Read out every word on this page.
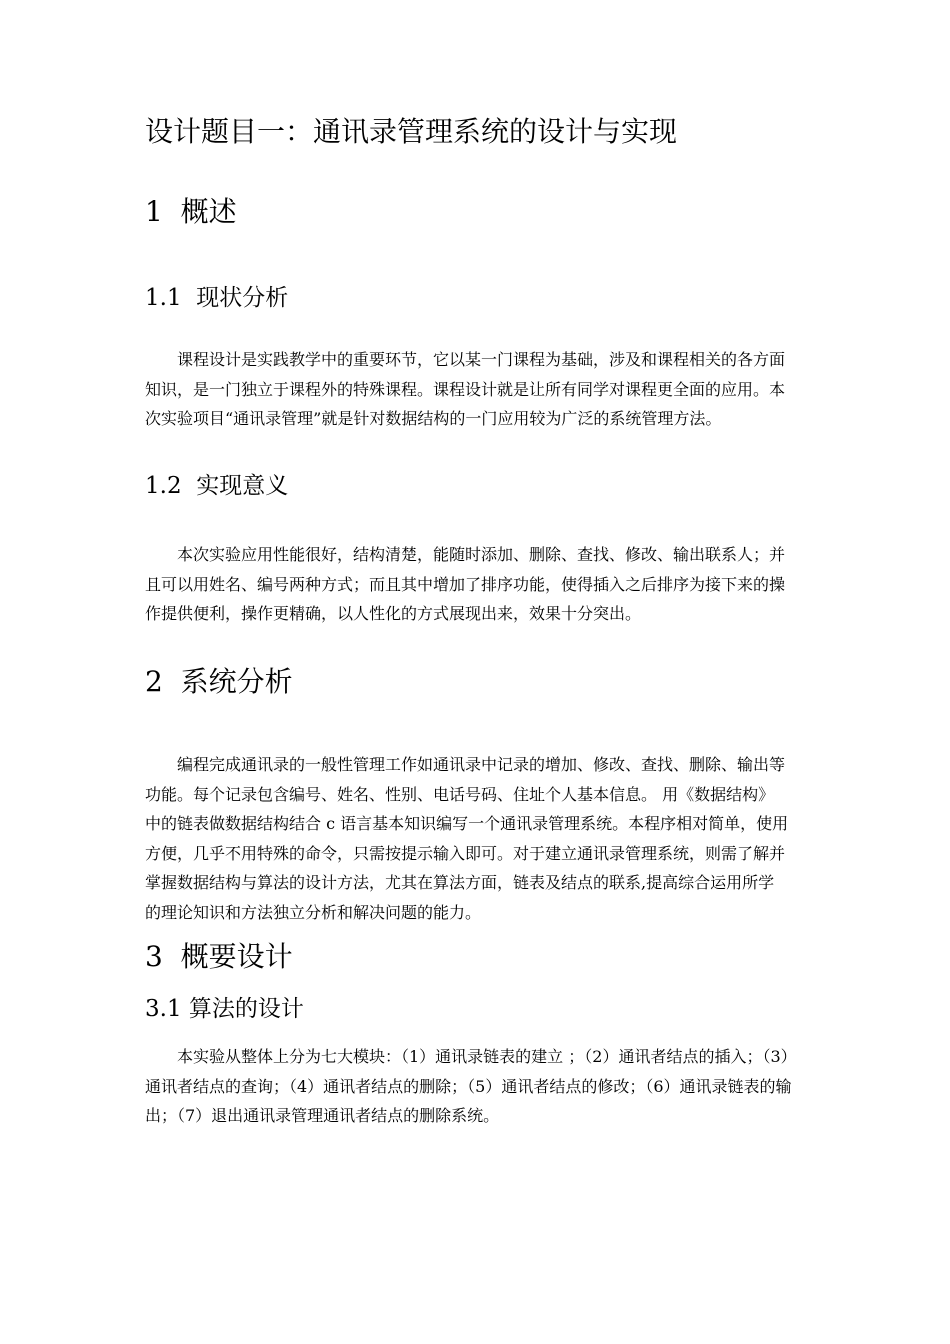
设计题目一：通讯录管理系统的设计与实现
1  概述
1.1  现状分析
课程设计是实践教学中的重要环节，它以某一门课程为基础，涉及和课程相关的各方面
知识，是一门独立于课程外的特殊课程。课程设计就是让所有同学对课程更全面的应用。本
次实验项目“通讯录管理”就是针对数据结构的一门应用较为广泛的系统管理方法。
1.2  实现意义
本次实验应用性能很好，结构清楚，能随时添加、删除、查找、修改、输出联系人；并
且可以用姓名、编号两种方式；而且其中增加了排序功能，使得插入之后排序为接下来的操
作提供便利，操作更精确，以人性化的方式展现出来，效果十分突出。
2  系统分析
编程完成通讯录的一般性管理工作如通讯录中记录的增加、修改、查找、删除、输出等
功能。每个记录包含编号、姓名、性别、电话号码、住址个人基本信息。 用《数据结构》
中的链表做数据结构结合 c 语言基本知识编写一个通讯录管理系统。本程序相对简单，使用
方便，几乎不用特殊的命令，只需按提示输入即可。对于建立通讯录管理系统，则需了解并
掌握数据结构与算法的设计方法，尤其在算法方面，链表及结点的联系,提高综合运用所学
的理论知识和方法独立分析和解决问题的能力。
3  概要设计
3.1 算法的设计
本实验从整体上分为七大模块：（1）通讯录链表的建立 ；（2）通讯者结点的插入；（3）
通讯者结点的查询；（4）通讯者结点的删除；（5）通讯者结点的修改；（6）通讯录链表的输
出；（7）退出通讯录管理通讯者结点的删除系统。
